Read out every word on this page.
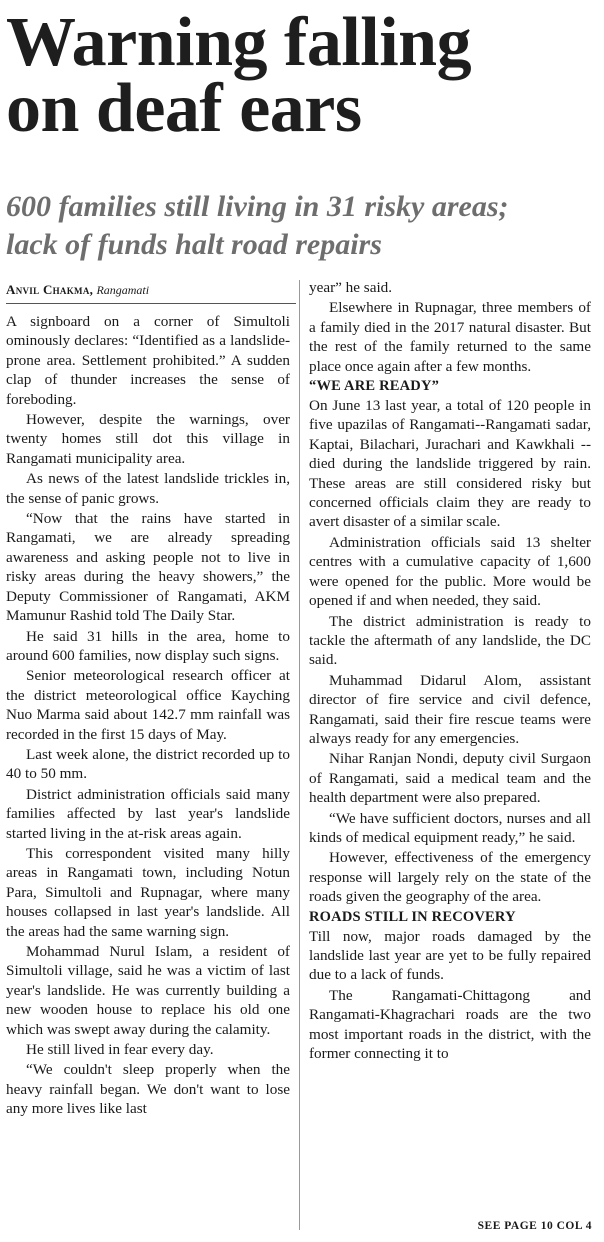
Warning falling
on deaf ears
600 families still living in 31 risky areas;
lack of funds halt road repairs
Anvil Chakma, Rangamati

A signboard on a corner of Simultoli ominously declares: “Identified as a landslide-prone area. Settlement prohibited.” A sudden clap of thunder increases the sense of foreboding.

However, despite the warnings, over twenty homes still dot this village in Rangamati municipality area.

As news of the latest landslide trickles in, the sense of panic grows.

“Now that the rains have started in Rangamati, we are already spreading awareness and asking people not to live in risky areas during the heavy showers,” the Deputy Commissioner of Rangamati, AKM Mamunur Rashid told The Daily Star.

He said 31 hills in the area, home to around 600 families, now display such signs.

Senior meteorological research officer at the district meteorological office Kayching Nuo Marma said about 142.7 mm rainfall was recorded in the first 15 days of May.

Last week alone, the district recorded up to 40 to 50 mm.

District administration officials said many families affected by last year's landslide started living in the at-risk areas again.

This correspondent visited many hilly areas in Rangamati town, including Notun Para, Simultoli and Rupnagar, where many houses collapsed in last year's landslide. All the areas had the same warning sign.

Mohammad Nurul Islam, a resident of Simultoli village, said he was a victim of last year's landslide. He was currently building a new wooden house to replace his old one which was swept away during the calamity.

He still lived in fear every day.

“We couldn't sleep properly when the heavy rainfall began. We don't want to lose any more lives like last

year” he said.

Elsewhere in Rupnagar, three members of a family died in the 2017 natural disaster. But the rest of the family returned to the same place once again after a few months.

“WE ARE READY”

On June 13 last year, a total of 120 people in five upazilas of Rangamati--Rangamati sadar, Kaptai, Bilachari, Jurachari and Kawkhali -- died during the landslide triggered by rain. These areas are still considered risky but concerned officials claim they are ready to avert disaster of a similar scale.

Administration officials said 13 shelter centres with a cumulative capacity of 1,600 were opened for the public. More would be opened if and when needed, they said.

The district administration is ready to tackle the aftermath of any landslide, the DC said.

Muhammad Didarul Alom, assistant director of fire service and civil defence, Rangamati, said their fire rescue teams were always ready for any emergencies.

Nihar Ranjan Nondi, deputy civil Surgaon of Rangamati, said a medical team and the health department were also prepared.

“We have sufficient doctors, nurses and all kinds of medical equipment ready,” he said.

However, effectiveness of the emergency response will largely rely on the state of the roads given the geography of the area.

ROADS STILL IN RECOVERY

Till now, major roads damaged by the landslide last year are yet to be fully repaired due to a lack of funds.

The Rangamati-Chittagong and Rangamati-Khagrachari roads are the two most important roads in the district, with the former connecting it to

SEE PAGE 10 COL 4
